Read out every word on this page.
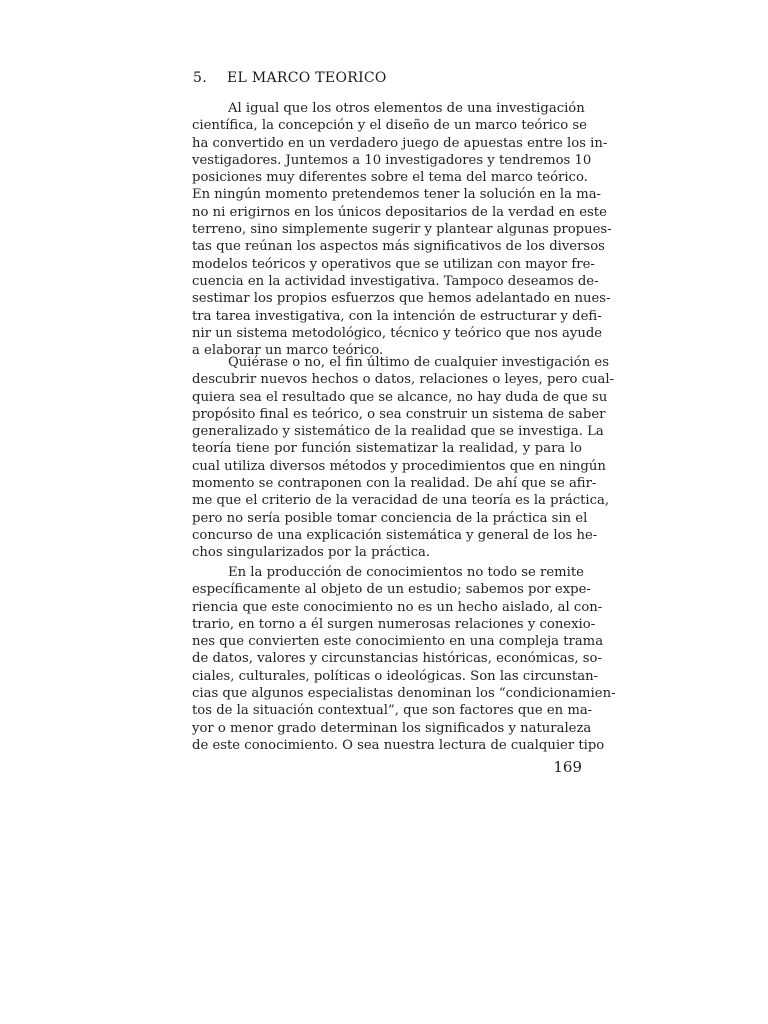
5. EL MARCO TEORICO
Al igual que los otros elementos de una investigación
científica, la concepción y el diseño de un marco teórico se
ha convertido en un verdadero juego de apuestas entre los in-
vestigadores. Juntemos a 10 investigadores y tendremos 10
posiciones muy diferentes sobre el tema del marco teórico.
En ningún momento pretendemos tener la solución en la ma-
no ni erigirnos en los únicos depositarios de la verdad en este
terreno, sino simplemente sugerir y plantear algunas propues-
tas que reúnan los aspectos más significativos de los diversos
modelos teóricos y operativos que se utilizan con mayor fre-
cuencia en la actividad investigativa. Tampoco deseamos de-
sestimar los propios esfuerzos que hemos adelantado en nues-
tra tarea investigativa, con la intención de estructurar y defi-
nir un sistema metodológico, técnico y teórico que nos ayude
a elaborar un marco teórico.
Quiérase o no, el fin último de cualquier investigación es
descubrir nuevos hechos o datos, relaciones o leyes, pero cual-
quiera sea el resultado que se alcance, no hay duda de que su
propósito final es teórico, o sea construir un sistema de saber
generalizado y sistemático de la realidad que se investiga. La
teoría tiene por función sistematizar la realidad, y para lo
cual utiliza diversos métodos y procedimientos que en ningún
momento se contraponen con la realidad. De ahí que se afir-
me que el criterio de la veracidad de una teoría es la práctica,
pero no sería posible tomar conciencia de la práctica sin el
concurso de una explicación sistemática y general de los he-
chos singularizados por la práctica.
En la producción de conocimientos no todo se remite
específicamente al objeto de un estudio; sabemos por expe-
riencia que este conocimiento no es un hecho aislado, al con-
trario, en torno a él surgen numerosas relaciones y conexio-
nes que convierten este conocimiento en una compleja trama
de datos, valores y circunstancias históricas, económicas, so-
ciales, culturales, políticas o ideológicas. Son las circunstan-
cias que algunos especialistas denominan los “condicionamien-
tos de la situación contextual”, que son factores que en ma-
yor o menor grado determinan los significados y naturaleza
de este conocimiento. O sea nuestra lectura de cualquier tipo
169
